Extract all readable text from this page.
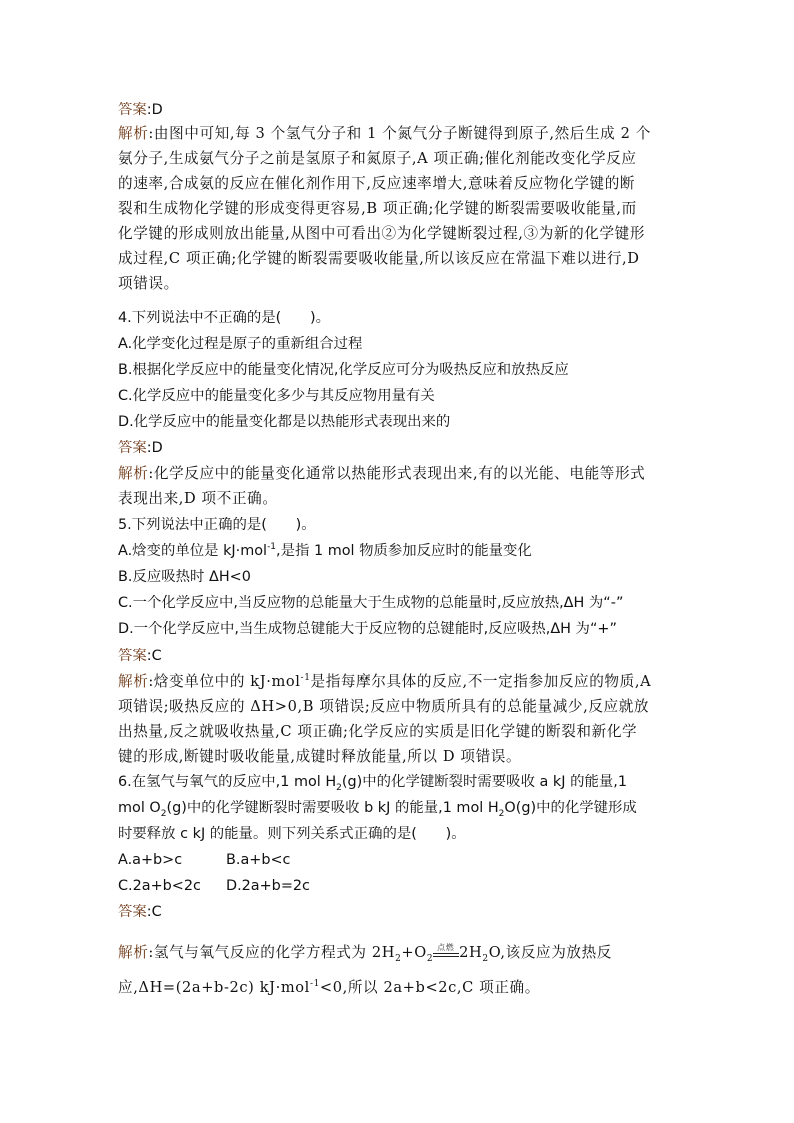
答案:D
解析:由图中可知,每 3 个氢气分子和 1 个氮气分子断键得到原子,然后生成 2 个
氨分子,生成氨气分子之前是氢原子和氮原子,A 项正确;催化剂能改变化学反应
的速率,合成氨的反应在催化剂作用下,反应速率增大,意味着反应物化学键的断
裂和生成物化学键的形成变得更容易,B 项正确;化学键的断裂需要吸收能量,而
化学键的形成则放出能量,从图中可看出②为化学键断裂过程,③为新的化学键形
成过程,C 项正确;化学键的断裂需要吸收能量,所以该反应在常温下难以进行,D
项错误。
4.下列说法中不正确的是(　　)。
A.化学变化过程是原子的重新组合过程
B.根据化学反应中的能量变化情况,化学反应可分为吸热反应和放热反应
C.化学反应中的能量变化多少与其反应物用量有关
D.化学反应中的能量变化都是以热能形式表现出来的
答案:D
解析:化学反应中的能量变化通常以热能形式表现出来,有的以光能、电能等形式
表现出来,D 项不正确。
5.下列说法中正确的是(　　)。
A.焓变的单位是 kJ·mol$^{-1}$,是指 1 mol 物质参加反应时的能量变化
B.反应吸热时 ΔH<0
C.一个化学反应中,当反应物的总能量大于生成物的总能量时,反应放热,ΔH 为“-”
D.一个化学反应中,当生成物总键能大于反应物的总键能时,反应吸热,ΔH 为“+”
答案:C
解析:焓变单位中的 kJ·mol$^{-1}$是指每摩尔具体的反应,不一定指参加反应的物质,A
项错误;吸热反应的 ΔH>0,B 项错误;反应中物质所具有的总能量减少,反应就放
出热量,反之就吸收热量,C 项正确;化学反应的实质是旧化学键的断裂和新化学
键的形成,断键时吸收能量,成键时释放能量,所以 D 项错误。
6.在氢气与氧气的反应中,1 mol $H_2(g)$中的化学键断裂时需要吸收 a kJ 的能量,1
mol $O_2(g)$中的化学键断裂时需要吸收 b kJ 的能量,1 mol $H_2O(g)$中的化学键形成
时要释放 c kJ 的能量。则下列关系式正确的是(　　)。
A.a+b>c	B.a+b<c
C.2a+b<2c D.2a+b=2c
答案:C
解析:氢气与氧气反应的化学方程式为 $2H_2+O_2$
点燃 $2H_2O$,该反应为放热反
应,ΔH=(2a+b-2c) kJ·mol$^{-1}$<0,所以 2a+b<2c,C 项正确。
